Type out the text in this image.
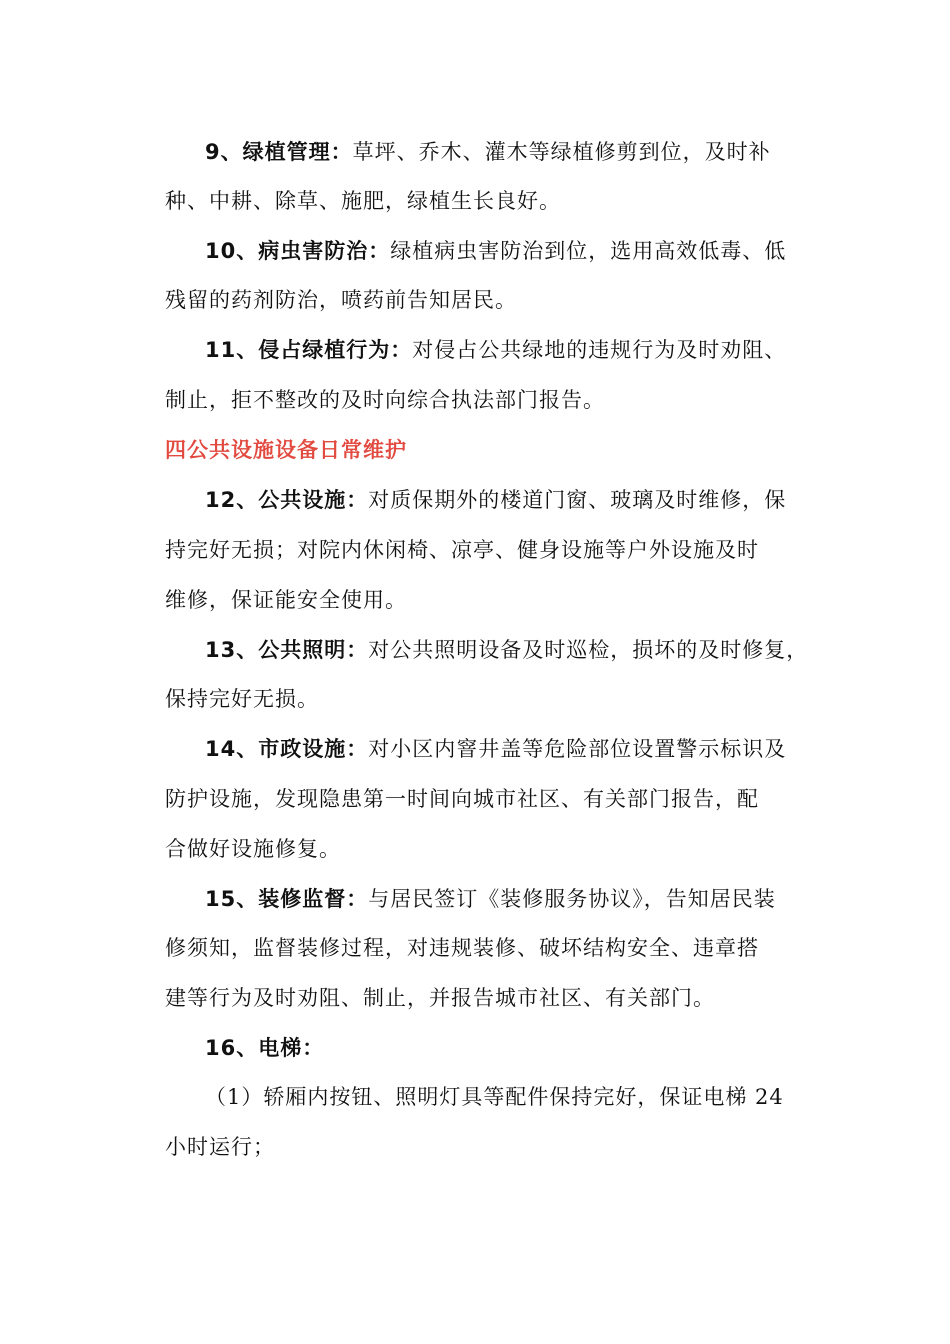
9、绿植管理：草坪、乔木、灌木等绿植修剪到位，及时补
种、中耕、除草、施肥，绿植生长良好。
10、病虫害防治：绿植病虫害防治到位，选用高效低毒、低
残留的药剂防治，喷药前告知居民。
11、侵占绿植行为：对侵占公共绿地的违规行为及时劝阻、
制止，拒不整改的及时向综合执法部门报告。
四公共设施设备日常维护
12、公共设施：对质保期外的楼道门窗、玻璃及时维修，保
持完好无损；对院内休闲椅、凉亭、健身设施等户外设施及时
维修，保证能安全使用。
13、公共照明：对公共照明设备及时巡检，损坏的及时修复，
保持完好无损。
14、市政设施：对小区内窨井盖等危险部位设置警示标识及
防护设施，发现隐患第一时间向城市社区、有关部门报告，配
合做好设施修复。
15、装修监督：与居民签订《装修服务协议》，告知居民装
修须知，监督装修过程，对违规装修、破坏结构安全、违章搭
建等行为及时劝阻、制止，并报告城市社区、有关部门。
16、电梯：
（1）轿厢内按钮、照明灯具等配件保持完好，保证电梯 24
小时运行；
